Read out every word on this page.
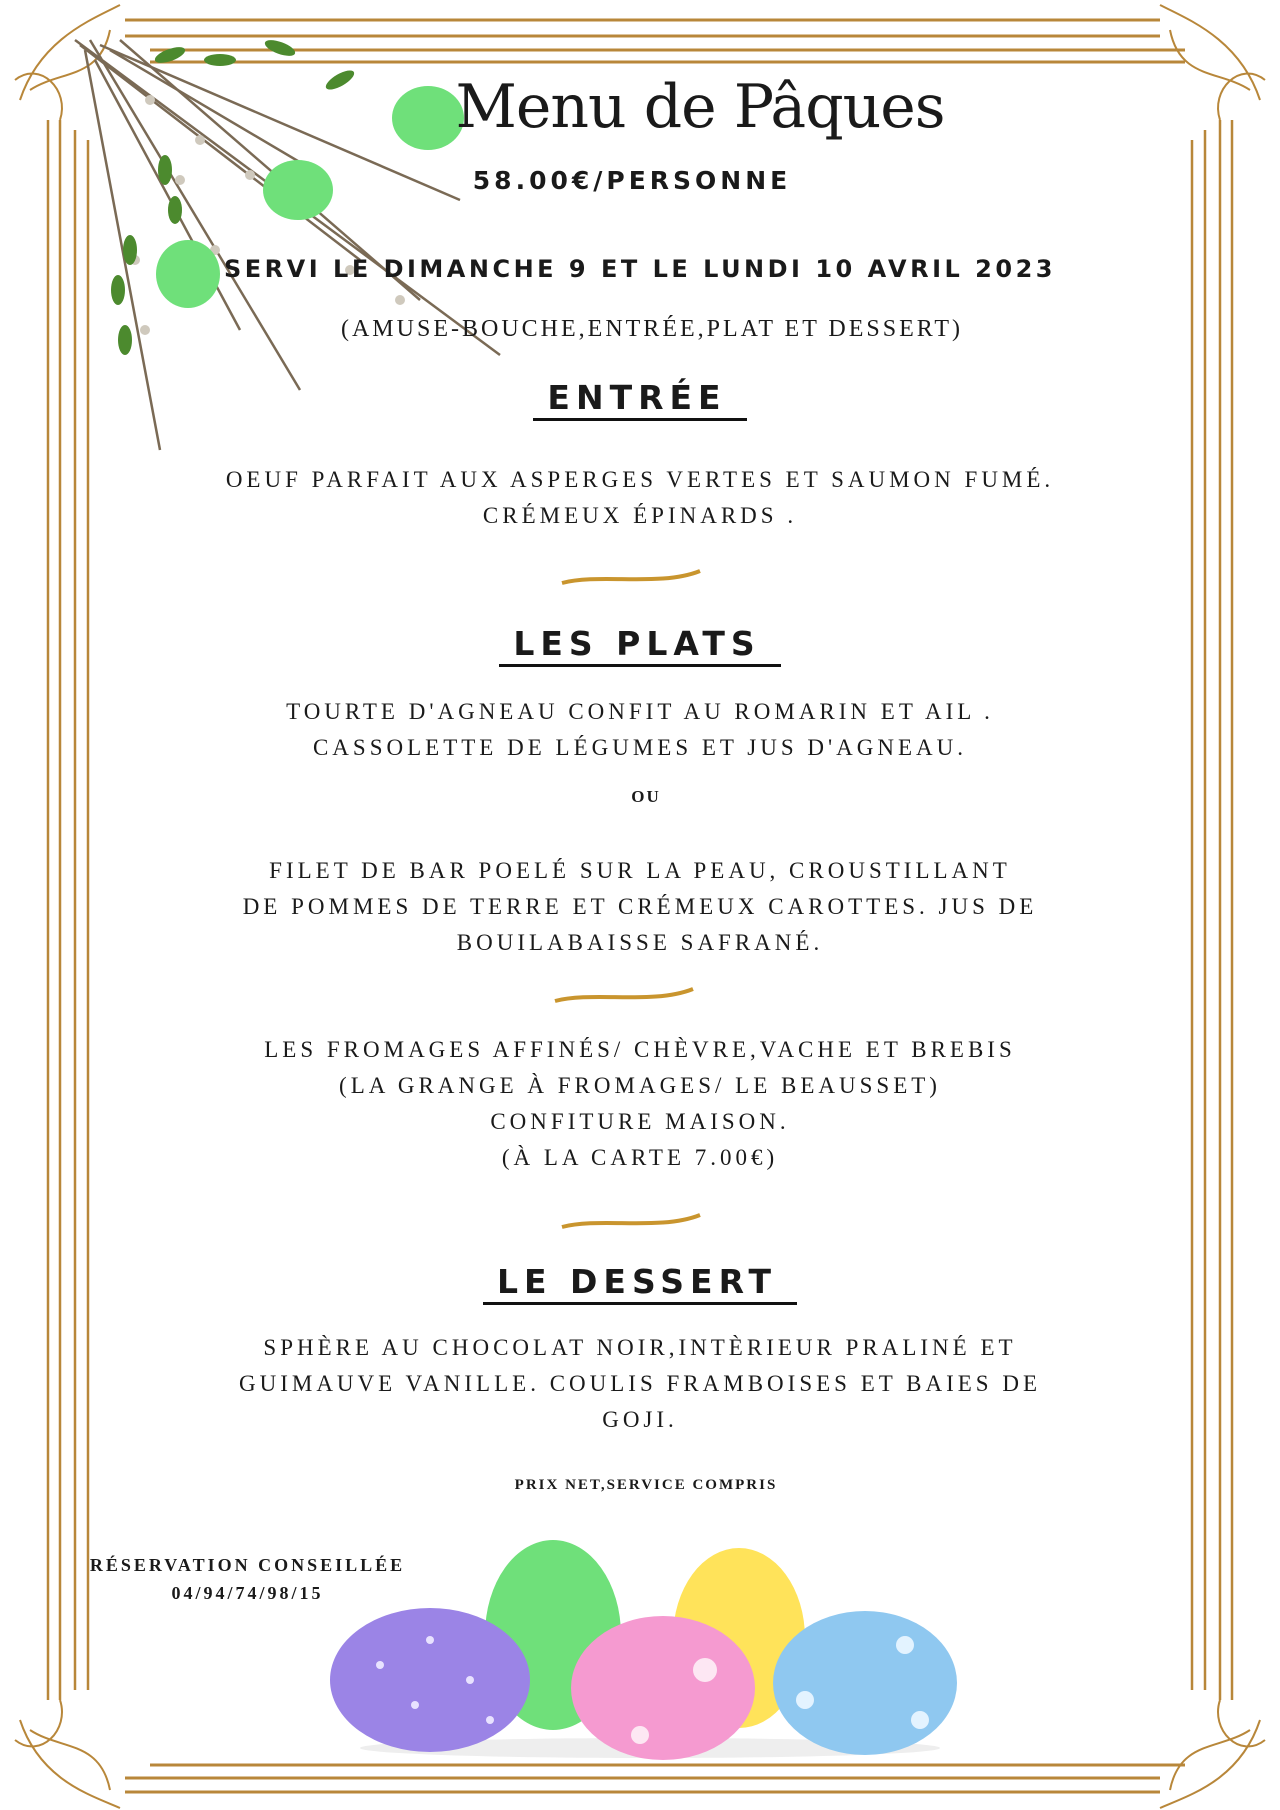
Menu de Pâques
58.00€/PERSONNE
SERVI LE DIMANCHE 9 ET LE LUNDI 10 AVRIL 2023
(AMUSE-BOUCHE,ENTRÉE,PLAT ET DESSERT)
ENTRÉE
OEUF PARFAIT AUX ASPERGES VERTES ET SAUMON FUMÉ.
CRÉMEUX ÉPINARDS .
LES PLATS
TOURTE D'AGNEAU CONFIT AU ROMARIN ET AIL .
CASSOLETTE DE LÉGUMES ET JUS D'AGNEAU.
OU
FILET DE BAR POELÉ SUR LA PEAU, CROUSTILLANT
DE POMMES DE TERRE ET CRÉMEUX CAROTTES. JUS DE
BOUILABAISSE SAFRANÉ.
LES FROMAGES AFFINÉS/ CHÈVRE,VACHE ET BREBIS
(LA GRANGE À FROMAGES/ LE BEAUSSET)
CONFITURE MAISON.
(À LA CARTE 7.00€)
LE DESSERT
SPHÈRE AU CHOCOLAT NOIR,INTÈRIEUR PRALINÉ ET
GUIMAUVE VANILLE. COULIS FRAMBOISES ET BAIES DE
GOJI.
PRIX NET,SERVICE COMPRIS
RÉSERVATION CONSEILLÉE
04/94/74/98/15
